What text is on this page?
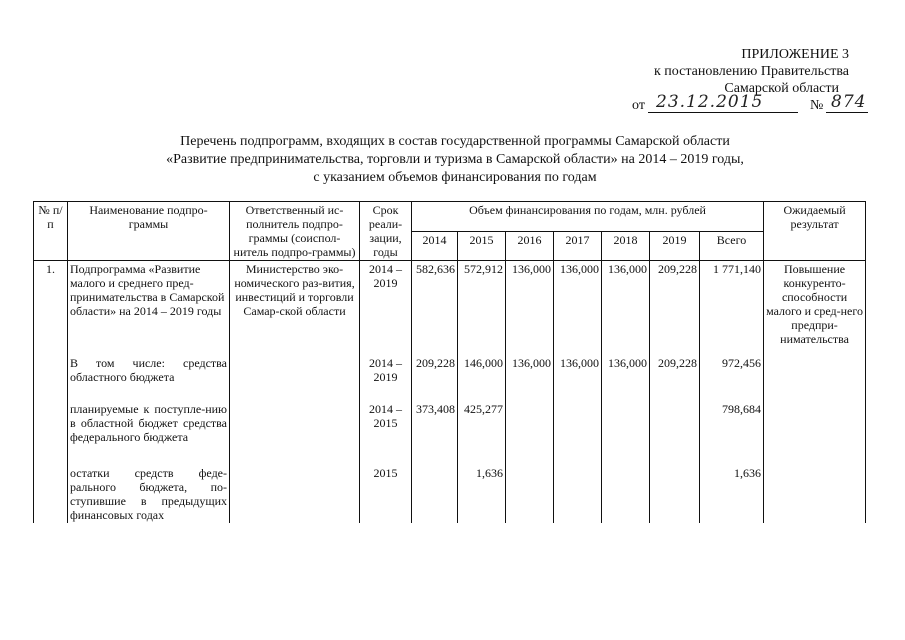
ПРИЛОЖЕНИЕ 3
к постановлению Правительства
Самарской области
от 23.12.2015	№ 874
Перечень подпрограмм, входящих в состав государственной программы Самарской области
«Развитие предпринимательства, торговли и туризма в Самарской области» на 2014 – 2019 годы,
с указанием объемов финансирования по годам
№ п/п	Наименование подпро-граммы	Ответственный ис-полнитель подпро-граммы (соиспол-нитель подпро-граммы)	Срок реали-зации, годы	Объем финансирования по годам, млн. рублей							Ожидаемый результат
				2014	2015	2016	2017	2018	2019	Всего	
1.	Подпрограмма «Развитие малого и среднего пред-принимательства в Самарской области» на 2014 – 2019 годы	Министерство эко-номического раз-вития, инвестиций и торговли Самар-ской области	2014 – 2019	582,636	572,912	136,000	136,000	136,000	209,228	1 771,140	Повышение конкуренто-способности малого и сред-него предпри-нимательства

	В том числе: средства областного бюджета		2014 – 2019	209,228	146,000	136,000	136,000	136,000	209,228	972,456	

	планируемые к поступле-нию в областной бюджет средства федерального бюджета		2014 – 2015	373,408	425,277					798,684	

	остатки средств феде-рального бюджета, по-ступившие в предыдущих финансовых годах		2015		1,636					1,636	
